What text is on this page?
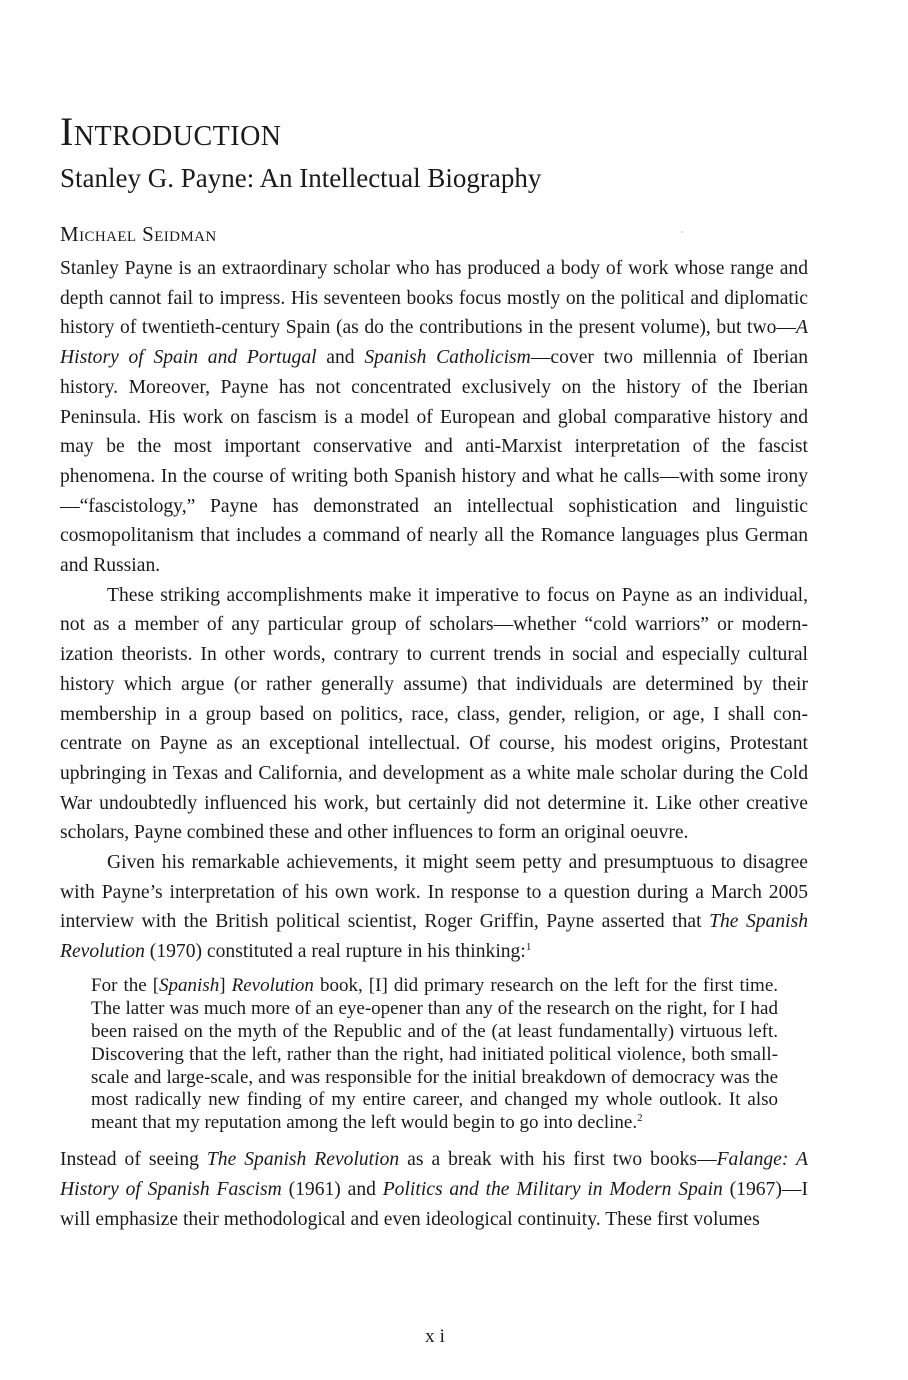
Introduction
Stanley G. Payne: An Intellectual Biography
Michael Seidman

Stanley Payne is an extraordinary scholar who has produced a body of work whose range and depth cannot fail to impress. His seventeen books focus mostly on the political and diplomatic history of twentieth-century Spain (as do the contributions in the present volume), but two—A History of Spain and Portugal and Spanish Catholicism—cover two millennia of Iberian history. Moreover, Payne has not concentrated exclusively on the history of the Iberian Peninsula. His work on fascism is a model of European and global comparative history and may be the most important conservative and anti-Marxist interpretation of the fascist phenomena. In the course of writing both Spanish history and what he calls—with some irony—“fascistology,” Payne has demonstrated an intellectual sophistication and linguistic cosmopolitanism that includes a command of nearly all the Romance languages plus German and Russian.

These striking accomplishments make it imperative to focus on Payne as an individual, not as a member of any particular group of scholars—whether “cold warriors” or modernization theorists. In other words, contrary to current trends in social and especially cultural history which argue (or rather generally assume) that individuals are determined by their membership in a group based on politics, race, class, gender, religion, or age, I shall concentrate on Payne as an exceptional intellectual. Of course, his modest origins, Protestant upbringing in Texas and California, and development as a white male scholar during the Cold War undoubtedly influenced his work, but certainly did not determine it. Like other creative scholars, Payne combined these and other influences to form an original oeuvre.

Given his remarkable achievements, it might seem petty and presumptuous to disagree with Payne’s interpretation of his own work. In response to a question during a March 2005 interview with the British political scientist, Roger Griffin, Payne asserted that The Spanish Revolution (1970) constituted a real rupture in his thinking:$^1$

For the [Spanish] Revolution book, [I] did primary research on the left for the first time. The latter was much more of an eye-opener than any of the research on the right, for I had been raised on the myth of the Republic and of the (at least fundamentally) virtuous left. Discovering that the left, rather than the right, had initiated political violence, both small-scale and large-scale, and was responsible for the initial breakdown of democracy was the most radically new finding of my entire career, and changed my whole outlook. It also meant that my reputation among the left would begin to go into decline.$^2$

Instead of seeing The Spanish Revolution as a break with his first two books—Falange: A History of Spanish Fascism (1961) and Politics and the Military in Modern Spain (1967)—I will emphasize their methodological and even ideological continuity. These first volumes

xi
